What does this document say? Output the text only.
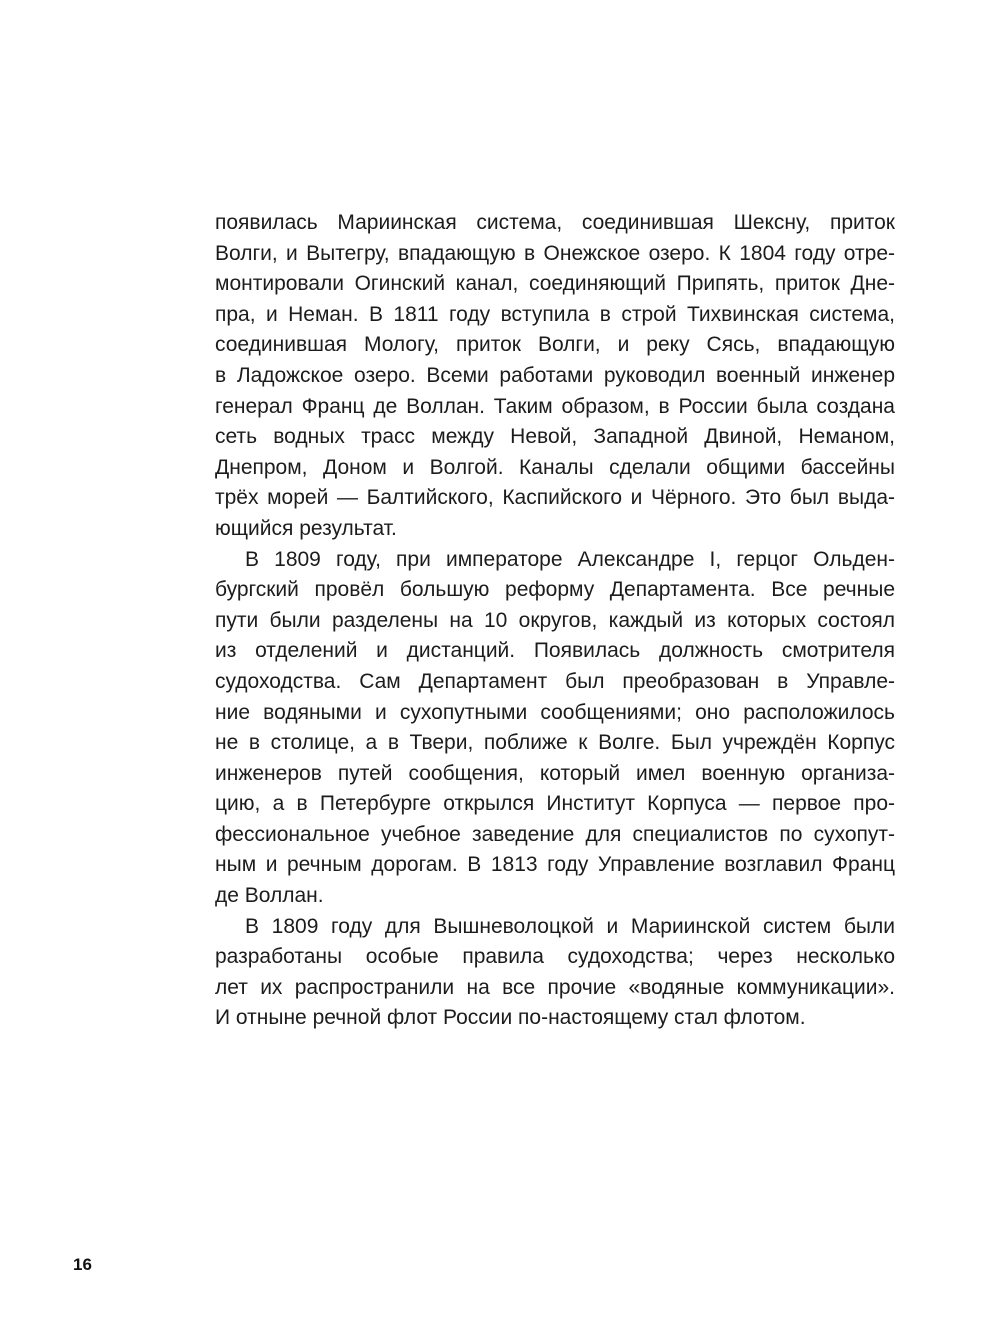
появилась Мариинская система, соединившая Шексну, приток
Волги, и Вытегру, впадающую в Онежское озеро. К 1804 году отре-
монтировали Огинский канал, соединяющий Припять, приток Дне-
пра, и Неман. В 1811 году вступила в строй Тихвинская система,
соединившая Мологу, приток Волги, и реку Сясь, впадающую
в Ладожское озеро. Всеми работами руководил военный инженер
генерал Франц де Воллан. Таким образом, в России была создана
сеть водных трасс между Невой, Западной Двиной, Неманом,
Днепром, Доном и Волгой. Каналы сделали общими бассейны
трёх морей — Балтийского, Каспийского и Чёрного. Это был выда-
ющийся результат.
В 1809 году, при императоре Александре I, герцог Ольден-
бургский провёл большую реформу Департамента. Все речные
пути были разделены на 10 округов, каждый из которых состоял
из отделений и дистанций. Появилась должность смотрителя
судоходства. Сам Департамент был преобразован в Управле-
ние водяными и сухопутными сообщениями; оно расположилось
не в столице, а в Твери, поближе к Волге. Был учреждён Корпус
инженеров путей сообщения, который имел военную организа-
цию, а в Петербурге открылся Институт Корпуса — первое про-
фессиональное учебное заведение для специалистов по сухопут-
ным и речным дорогам. В 1813 году Управление возглавил Франц
де Воллан.
В 1809 году для Вышневолоцкой и Мариинской систем были
разработаны особые правила судоходства; через несколько
лет их распространили на все прочие «водяные коммуникации».
И отныне речной флот России по-настоящему стал флотом.
16
